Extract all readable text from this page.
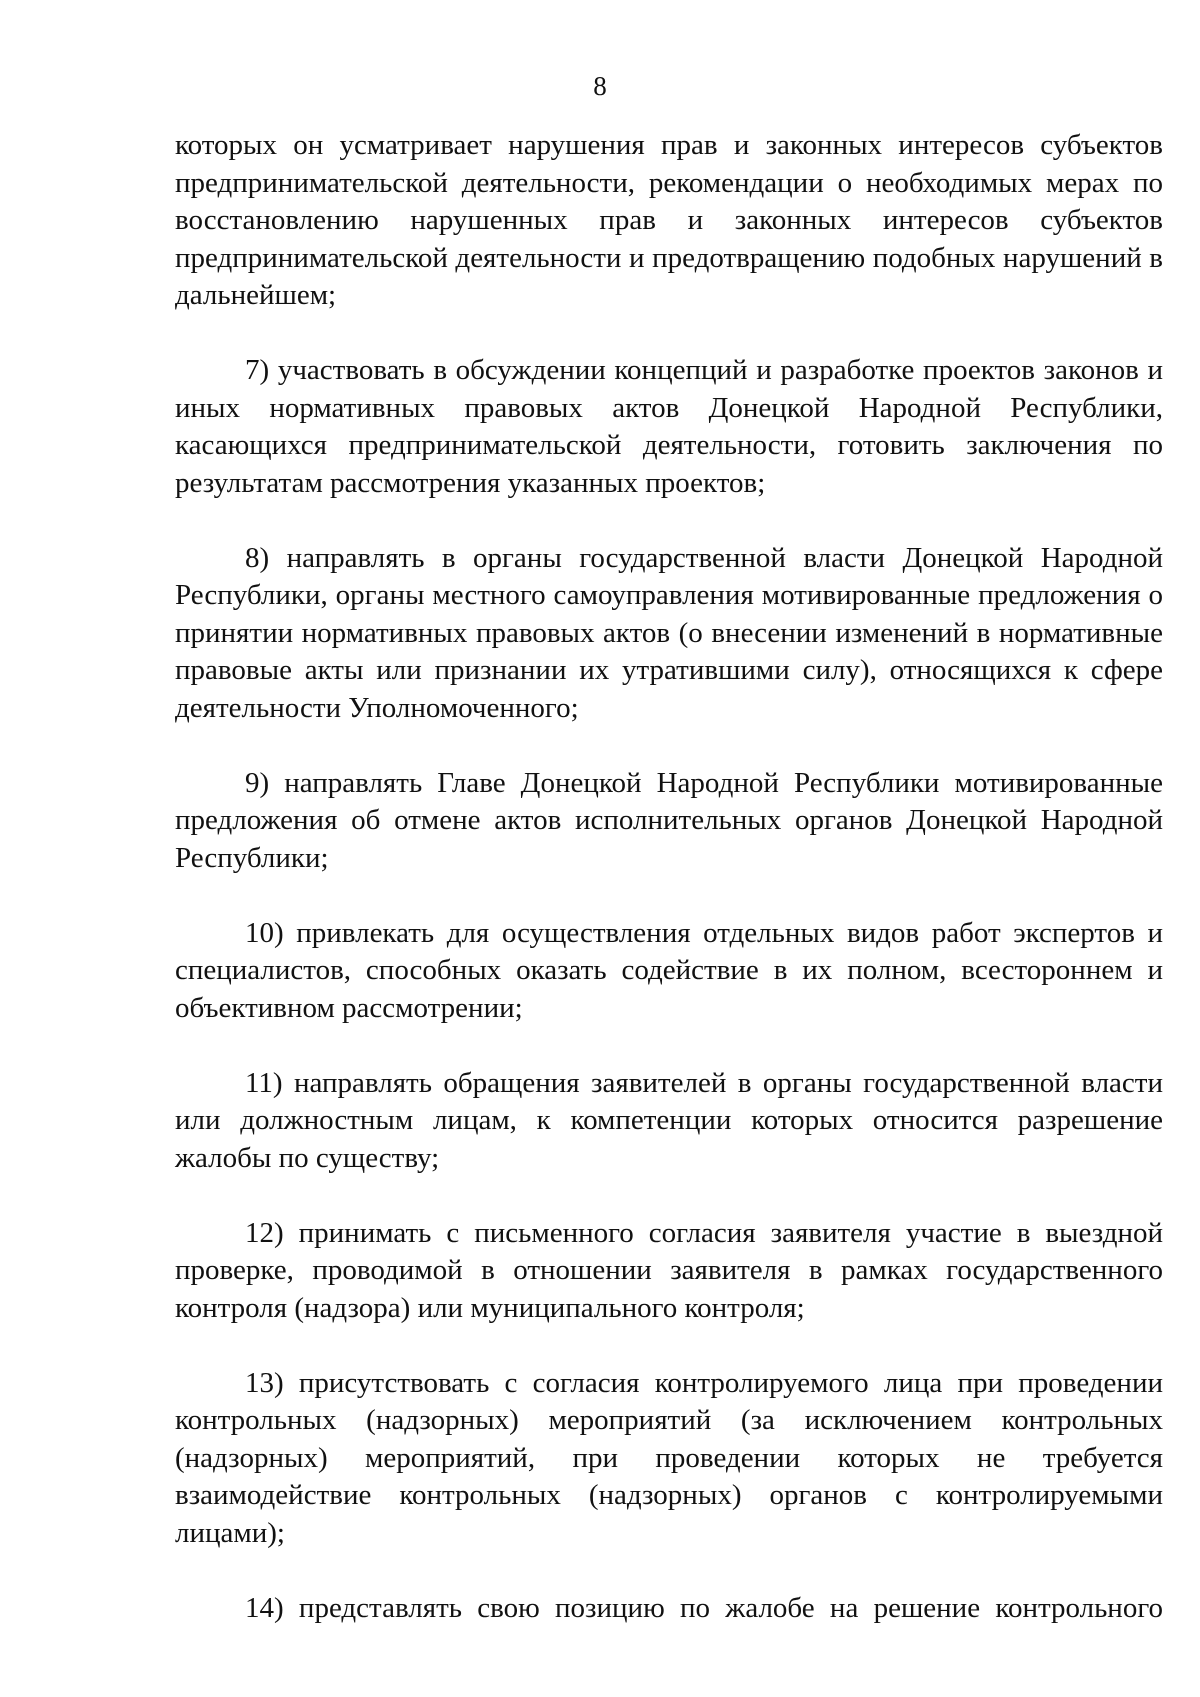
8

которых он усматривает нарушения прав и законных интересов субъектов предпринимательской деятельности, рекомендации о необходимых мерах по восстановлению нарушенных прав и законных интересов субъектов предпринимательской деятельности и предотвращению подобных нарушений в дальнейшем;

7) участвовать в обсуждении концепций и разработке проектов законов и иных нормативных правовых актов Донецкой Народной Республики, касающихся предпринимательской деятельности, готовить заключения по результатам рассмотрения указанных проектов;

8) направлять в органы государственной власти Донецкой Народной Республики, органы местного самоуправления мотивированные предложения о принятии нормативных правовых актов (о внесении изменений в нормативные правовые акты или признании их утратившими силу), относящихся к сфере деятельности Уполномоченного;

9) направлять Главе Донецкой Народной Республики мотивированные предложения об отмене актов исполнительных органов Донецкой Народной Республики;

10) привлекать для осуществления отдельных видов работ экспертов и специалистов, способных оказать содействие в их полном, всестороннем и объективном рассмотрении;

11) направлять обращения заявителей в органы государственной власти или должностным лицам, к компетенции которых относится разрешение жалобы по существу;

12) принимать с письменного согласия заявителя участие в выездной проверке, проводимой в отношении заявителя в рамках государственного контроля (надзора) или муниципального контроля;

13) присутствовать с согласия контролируемого лица при проведении контрольных (надзорных) мероприятий (за исключением контрольных (надзорных) мероприятий, при проведении которых не требуется взаимодействие контрольных (надзорных) органов с контролируемыми лицами);

14) представлять свою позицию по жалобе на решение контрольного
